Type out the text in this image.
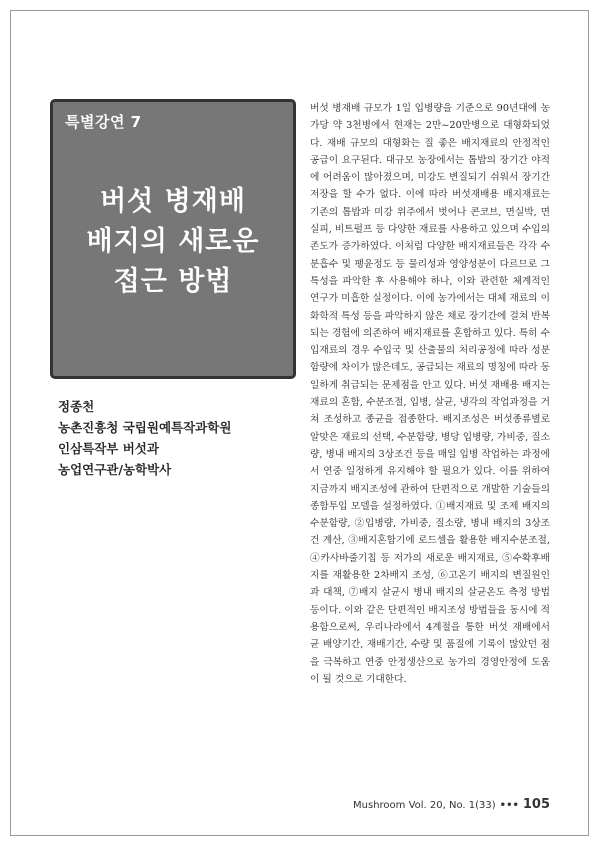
특별강연 7
버섯 병재배
배지의 새로운
접근 방법
정종천
농촌진흥청 국립원예특작과학원
인삼특작부 버섯과
농업연구관/농학박사
버섯 병재배 규모가 1일 입병량을 기준으로 90년대에 농가당 약 3천병에서 현재는 2만~20만병으로 대형화되었다. 재배 규모의 대형화는 질 좋은 배지재료의 안정적인 공급이 요구된다. 대규모 농장에서는 톱밥의 장기간 야적에 어려움이 많아졌으며, 미강도 변질되기 쉬워서 장기간 저장을 할 수가 없다. 이에 따라 버섯재배용 배지재료는 기존의 톱밥과 미강 위주에서 벗어나 콘코브, 면실박, 면실피, 비트펄프 등 다양한 재료를 사용하고 있으며 수입의존도가 증가하였다. 이처럼 다양한 배지재료들은 각각 수분흡수 및 팽윤정도 등 물리성과 영양성분이 다르므로 그 특성을 파악한 후 사용해야 하나, 이와 관련한 체계적인 연구가 미흡한 실정이다. 이에 농가에서는 대체 재료의 이화학적 특성 등을 파악하지 않은 채로 장기간에 걸쳐 반복되는 경험에 의존하여 배지재료를 혼합하고 있다. 특히 수입재료의 경우 수입국 및 산출물의 처리공정에 따라 성분함량에 차이가 많은데도, 공급되는 재료의 명칭에 따라 동일하게 취급되는 문제점을 안고 있다. 버섯 재배용 배지는 재료의 혼합, 수분조절, 입병, 살균, 냉각의 작업과정을 거쳐 조성하고 종균을 접종한다. 배지조성은 버섯종류별로 알맞은 재료의 선택, 수분함량, 병당 입병량, 가비중, 질소량, 병내 배지의 3상조건 등을 매일 입병 작업하는 과정에서 연중 일정하게 유지해야 할 필요가 있다. 이를 위하여 지금까지 배지조성에 관하여 단편적으로 개발한 기술들의 종합투입 모델을 설정하였다. ①배지재료 및 조제 배지의 수분함량, ②입병량, 가비중, 질소량, 병내 배지의 3상조건 계산, ③배지혼합기에 로드셀을 활용한 배지수분조절, ④카사바줄기칩 등 저가의 새로운 배지재료, ⑤수확후배지를 재활용한 2차배지 조성, ⑥고온기 배지의 변질원인과 대책, ⑦배지 살균시 병내 배지의 살균온도 측정 방법 등이다. 이와 같은 단편적인 배지조성 방법들을 동시에 적용함으로써, 우리나라에서 4계절을 통한 버섯 재배에서 균 배양기간, 재배기간, 수량 및 품질에 기록이 많았던 점을 극복하고 연중 안정생산으로 농가의 경영안정에 도움이 될 것으로 기대한다.
Mushroom Vol. 20, No. 1(33) ••• 105
